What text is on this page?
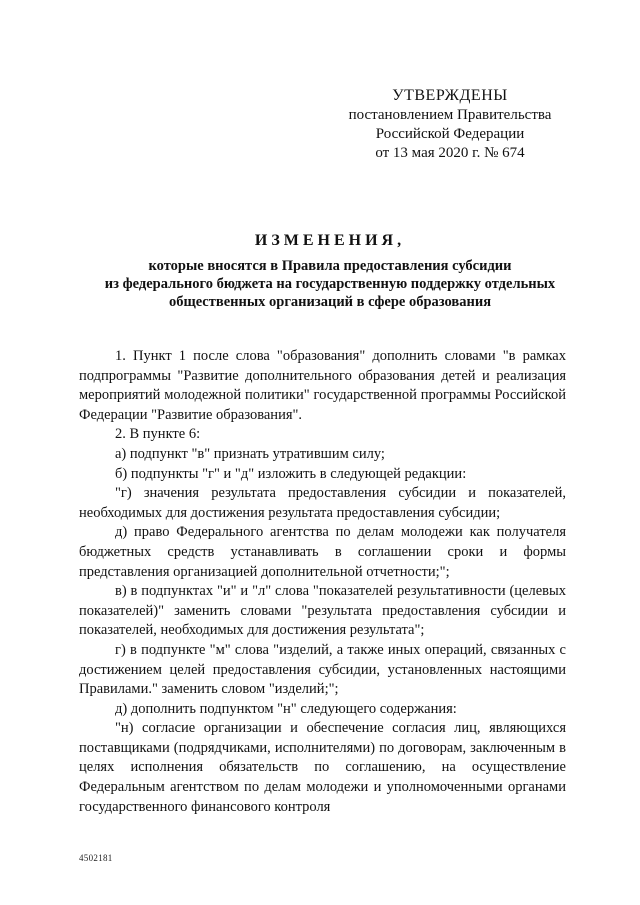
УТВЕРЖДЕНЫ
постановлением Правительства
Российской Федерации
от 13 мая 2020 г. № 674
ИЗМЕНЕНИЯ,
которые вносятся в Правила предоставления субсидии
из федерального бюджета на государственную поддержку отдельных
общественных организаций в сфере образования

1. Пункт 1 после слова "образования" дополнить словами "в рамках подпрограммы "Развитие дополнительного образования детей и реализация мероприятий молодежной политики" государственной программы Российской Федерации "Развитие образования".

2. В пункте 6:

а) подпункт "в" признать утратившим силу;

б) подпункты "г" и "д" изложить в следующей редакции:

"г) значения результата предоставления субсидии и показателей, необходимых для достижения результата предоставления субсидии;

д) право Федерального агентства по делам молодежи как получателя бюджетных средств устанавливать в соглашении сроки и формы представления организацией дополнительной отчетности;";

в) в подпунктах "и" и "л" слова "показателей результативности (целевых показателей)" заменить словами "результата предоставления субсидии и показателей, необходимых для достижения результата";

г) в подпункте "м" слова "изделий, а также иных операций, связанных с достижением целей предоставления субсидии, установленных настоящими Правилами." заменить словом "изделий;";

д) дополнить подпунктом "н" следующего содержания:

"н) согласие организации и обеспечение согласия лиц, являющихся поставщиками (подрядчиками, исполнителями) по договорам, заключенным в целях исполнения обязательств по соглашению, на осуществление Федеральным агентством по делам молодежи и уполномоченными органами государственного финансового контроля

4502181
